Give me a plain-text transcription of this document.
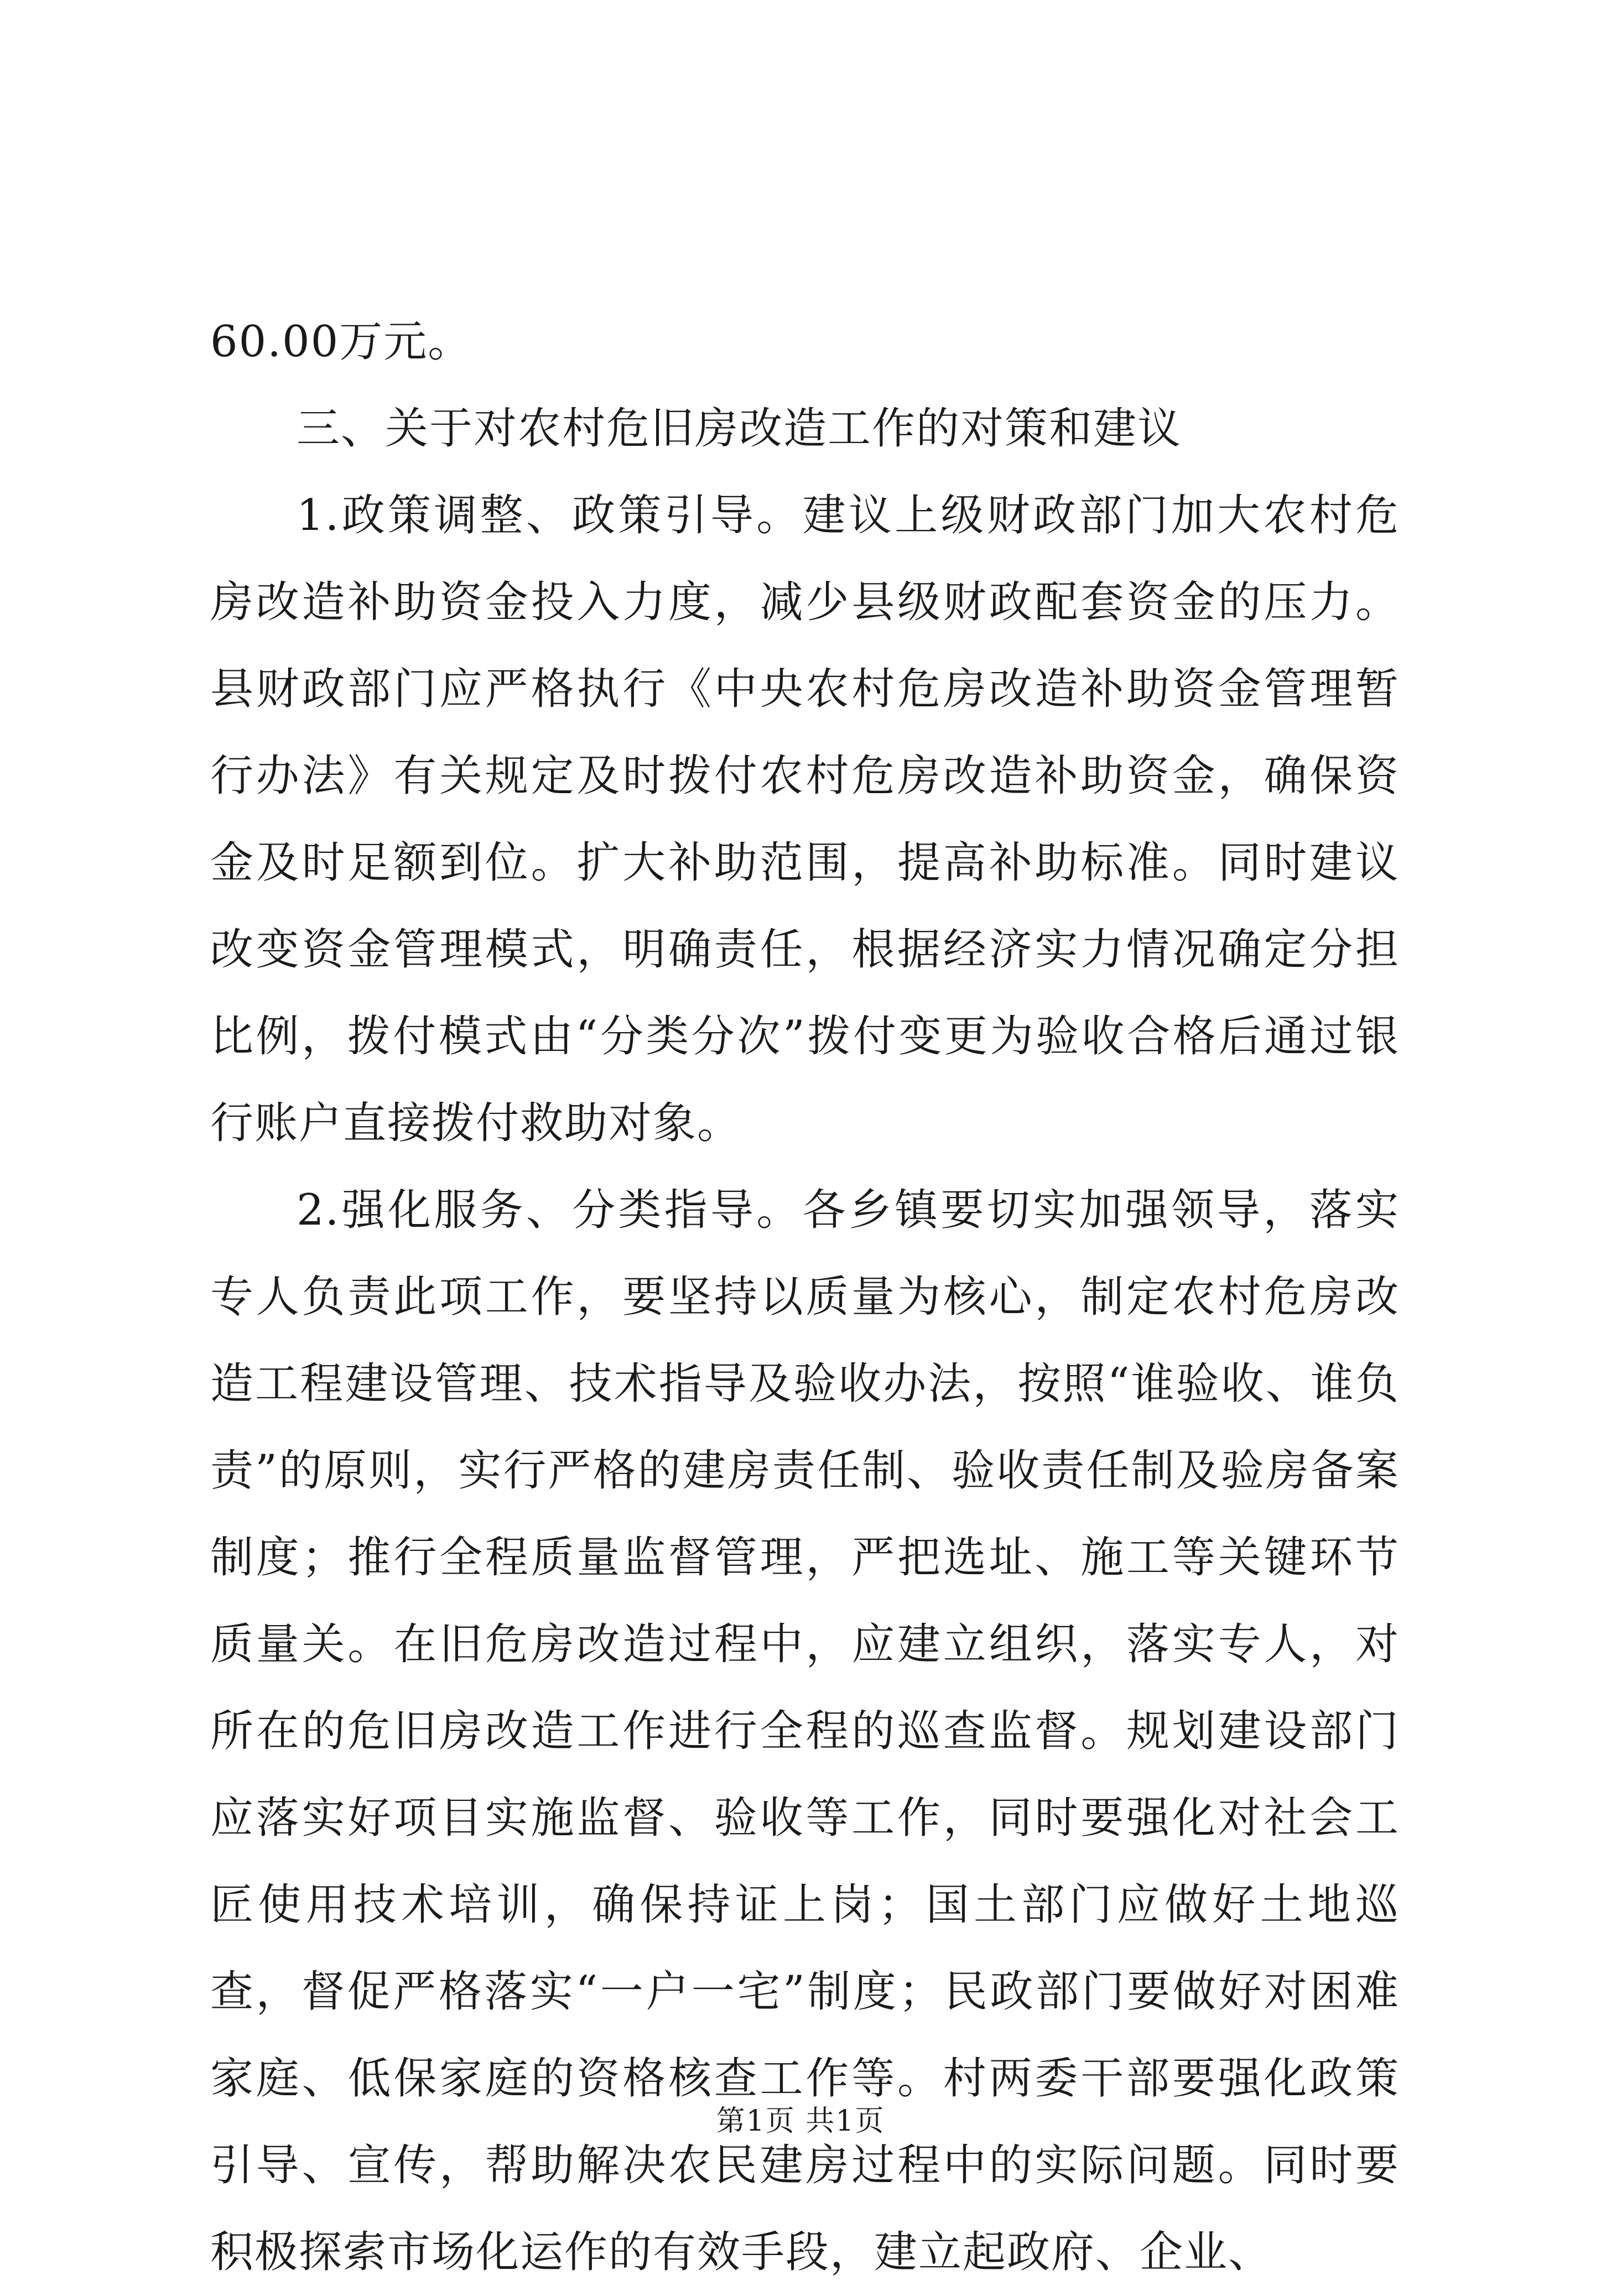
60.00万元。

三、关于对农村危旧房改造工作的对策和建议

1.政策调整、政策引导。建议上级财政部门加大农村危房改造补助资金投入力度，减少县级财政配套资金的压力。县财政部门应严格执行《中央农村危房改造补助资金管理暂行办法》有关规定及时拨付农村危房改造补助资金，确保资金及时足额到位。扩大补助范围，提高补助标准。同时建议改变资金管理模式，明确责任，根据经济实力情况确定分担比例，拨付模式由“分类分次”拨付变更为验收合格后通过银行账户直接拨付救助对象。

2.强化服务、分类指导。各乡镇要切实加强领导，落实专人负责此项工作，要坚持以质量为核心，制定农村危房改造工程建设管理、技术指导及验收办法，按照“谁验收、谁负责”的原则，实行严格的建房责任制、验收责任制及验房备案制度；推行全程质量监督管理，严把选址、施工等关键环节质量关。在旧危房改造过程中，应建立组织，落实专人，对所在的危旧房改造工作进行全程的巡查监督。规划建设部门应落实好项目实施监督、验收等工作，同时要强化对社会工匠使用技术培训，确保持证上岗；国土部门应做好土地巡查，督促严格落实“一户一宅”制度；民政部门要做好对困难家庭、低保家庭的资格核查工作等。村两委干部要强化政策引导、宣传，帮助解决农民建房过程中的实际问题。同时要积极探索市场化运作的有效手段，建立起政府、企业、

第1页 共1页
